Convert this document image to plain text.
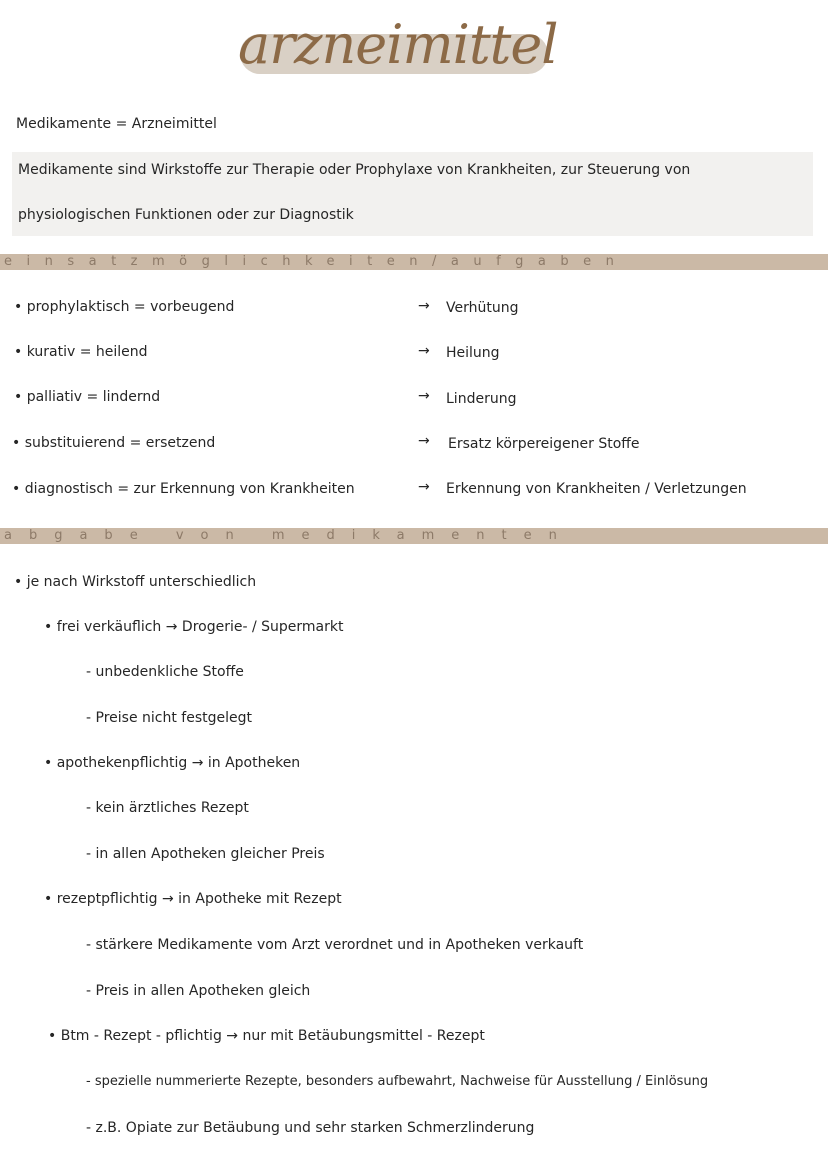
arzneimittel
Medikamente = Arzneimittel
Medikamente sind Wirkstoffe zur Therapie oder Prophylaxe von Krankheiten, zur Steuerung von
physiologischen Funktionen oder zur Diagnostik
einsatzmöglichkeiten/aufgaben
• prophylaktisch = vorbeugend	→ Verhütung
• kurativ = heilend	→ Heilung
• palliativ = lindernd	→ Linderung
• substituierend = ersetzend	→ Ersatz körpereigener Stoffe
• diagnostisch = zur Erkennung von Krankheiten	→ Erkennung von Krankheiten / Verletzungen
abgabe von medikamenten
• je nach Wirkstoff unterschiedlich
• frei verkäuflich → Drogerie- / Supermarkt
- unbedenkliche Stoffe
- Preise nicht festgelegt
• apothekenpflichtig → in Apotheken
- kein ärztliches Rezept
- in allen Apotheken gleicher Preis
• rezeptpflichtig → in Apotheke mit Rezept
- stärkere Medikamente vom Arzt verordnet und in Apotheken verkauft
- Preis in allen Apotheken gleich
• Btm - Rezept - pflichtig → nur mit Betäubungsmittel - Rezept
- spezielle nummerierte Rezepte, besonders aufbewahrt, Nachweise für Ausstellung / Einlösung
- z.B. Opiate zur Betäubung und sehr starken Schmerzlinderung
